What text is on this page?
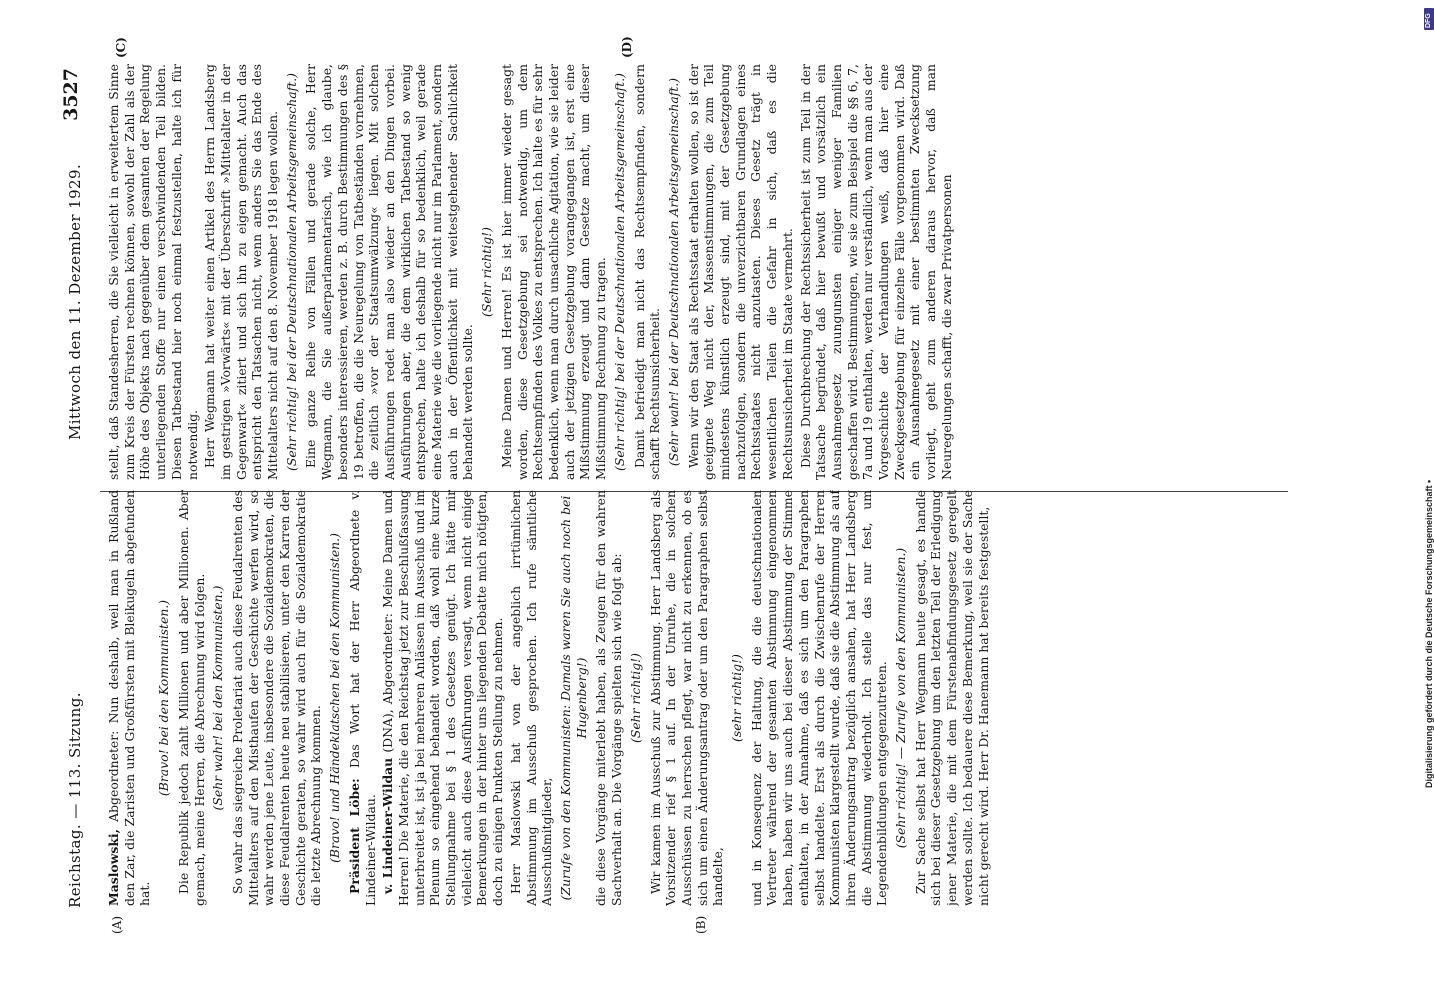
Reichstag. — 113. Sitzung.
Mittwoch den 11. Dezember 1929.
3527
(A)	(B)
(C)	(D)

Maslowski, Abgeordneter: Nun deshalb, weil man in Rußland den Zar, die Zaristen und Großfürsten mit Bleikugeln abgefunden hat.

(Bravo! bei den Kommunisten.) Die Republik jedoch zahlt Millionen und aber Millionen. Aber gemach, meine Herren, die Abrechnung wird folgen. (Sehr wahr! bei den Kommunisten.) So wahr das siegreiche Proletariat auch diese Feudalrenten des Mittelalters auf den Misthaufen der Geschichte werfen wird, so wahr werden jene Leute, insbesondere die Sozialdemokraten, die diese Feudalrenten heute neu stabilisieren, unter den Karren der Geschichte geraten, so wahr wird auch für die Sozialdemokratie die letzte Abrechnung kommen. (Bravo! und Händeklatschen bei den Kommunisten.) Präsident Löbe: Das Wort hat der Herr Abgeordnete v. Lindeiner-Wildau. v. Lindeiner-Wildau (DNA), Abgeordneter: Meine Damen und Herren! Die Materie, die den Reichstag jetzt zur Beschlußfassung unterbreitet ist, ist ja bei mehreren Anlässen im Ausschuß und im Plenum so eingehend behandelt worden, daß wohl eine kurze Stellungnahme bei § 1 des Gesetzes genügt. Ich hätte mir vielleicht auch diese Ausführungen versagt, wenn nicht einige Bemerkungen in der hinter uns liegenden Debatte mich nötigten, doch zu einigen Punkten Stellung zu nehmen. Herr Maslowski hat von der angeblich irrtümlichen Abstimmung im Ausschuß gesprochen. Ich rufe sämtliche Ausschußmitglieder, (Zurufe von den Kommunisten: Damals waren Sie auch noch bei Hugenberg!) die diese Vorgänge miterlebt haben, als Zeugen für den wahren Sachverhalt an. Die Vorgänge spielten sich wie folgt ab: (Sehr richtig!) Wir kamen im Ausschuß zur Abstimmung. Herr Landsberg als Vorsitzender rief § 1 auf. In der Unruhe, die in solchen Ausschüssen zu herrschen pflegt, war nicht zu erkennen, ob es sich um einen Änderungsantrag oder um den Paragraphen selbst handelte,

(sehr richtig!) und in Konsequenz der Haltung, die die deutschnationalen Vertreter während der gesamten Abstimmung eingenommen haben, haben wir uns auch bei dieser Abstimmung der Stimme enthalten, in der Annahme, daß es sich um den Paragraphen selbst handelte. Erst als durch die Zwischenrufe der Herren Kommunisten klargestellt wurde, daß sie die Abstimmung als auf ihren Änderungsantrag bezüglich ansahen, hat Herr Landsberg die Abstimmung wiederholt. Ich stelle das nur fest, um Legendenbildungen entgegenzutreten. (Sehr richtig! — Zurufe von den Kommunisten.) Zur Sache selbst hat Herr Wegmann heute gesagt, es handle sich bei dieser Gesetzgebung um den letzten Teil der Erledigung jener Materie, die mit dem Fürstenabfindungsgesetz geregelt werden sollte. Ich bedauere diese Bemerkung, weil sie der Sache nicht gerecht wird. Herr Dr. Hanemann hat bereits festgestellt,

stellt, daß Standesherren, die Sie vielleicht in erweitertem Sinne zum Kreis der Fürsten rechnen können, sowohl der Zahl als der Höhe des Objekts nach gegenüber dem gesamten der Regelung unterliegenden Stoffe nur einen verschwindenden Teil bilden. Diesen Tatbestand hier noch einmal festzustellen, halte ich für notwendig. Herr Wegmann hat weiter einen Artikel des Herrn Landsberg im gestrigen »Vorwärts« mit der Überschrift »Mittelalter in der Gegenwart« zitiert und sich ihn zu eigen gemacht. Auch das entspricht den Tatsachen nicht, wenn anders Sie das Ende des Mittelalters nicht auf den 8. November 1918 legen wollen. (Sehr richtig! bei der Deutschnationalen Arbeitsgemeinschaft.) Eine ganze Reihe von Fällen und gerade solche, Herr Wegmann, die Sie außerparlamentarisch, wie ich glaube, besonders interessieren, werden z. B. durch Bestimmungen des § 19 betroffen, die die Neuregelung von Tatbeständen vornehmen, die zeitlich »vor der Staatsumwälzung« liegen. Mit solchen Ausführungen redet man also wieder an den Dingen vorbei. Ausführungen aber, die dem wirklichen Tatbestand so wenig entsprechen, halte ich deshalb für so bedenklich, weil gerade eine Materie wie die vorliegende nicht nur im Parlament, sondern auch in der Öffentlichkeit mit weitestgehender Sachlichkeit behandelt werden sollte.

(Sehr richtig!) Meine Damen und Herren! Es ist hier immer wieder gesagt worden, diese Gesetzgebung sei notwendig, um dem Rechtsempfinden des Volkes zu entsprechen. Ich halte es für sehr bedenklich, wenn man durch unsachliche Agitation, wie sie leider auch der jetzigen Gesetzgebung vorangegangen ist, erst eine Mißstimmung erzeugt und dann Gesetze macht, um dieser Mißstimmung Rechnung zu tragen. (Sehr richtig! bei der Deutschnationalen Arbeitsgemeinschaft.) Damit befriedigt man nicht das Rechtsempfinden, sondern schafft Rechtsunsicherheit. (Sehr wahr! bei der Deutschnationalen Arbeitsgemeinschaft.) Wenn wir den Staat als Rechtsstaat erhalten wollen, so ist der geeignete Weg nicht der, Massenstimmungen, die zum Teil mindestens künstlich erzeugt sind, mit der Gesetzgebung nachzufolgen, sondern die unverzichtbaren Grundlagen eines Rechtsstaates nicht anzutasten. Dieses Gesetz trägt in wesentlichen Teilen die Gefahr in sich, daß es die Rechtsunsicherheit im Staate vermehrt. Diese Durchbrechung der Rechtssicherheit ist zum Teil in der Tatsache begründet, daß hier bewußt und vorsätzlich ein Ausnahmegesetz zuungunsten einiger weniger Familien geschaffen wird. Bestimmungen, wie sie zum Beispiel die §§ 6, 7, 7a und 19 enthalten, werden nur verständlich, wenn man aus der Vorgeschichte der Verhandlungen weiß, daß hier eine Zweckgesetzgebung für einzelne Fälle vorgenommen wird. Daß ein Ausnahmegesetz mit einer bestimmten Zwecksetzung vorliegt, geht zum anderen daraus hervor, daß man Neuregelungen schafft, die zwar Privatpersonen

DFG
Digitalisierung gefördert durch die Deutsche Forschungsgemeinschaft •
